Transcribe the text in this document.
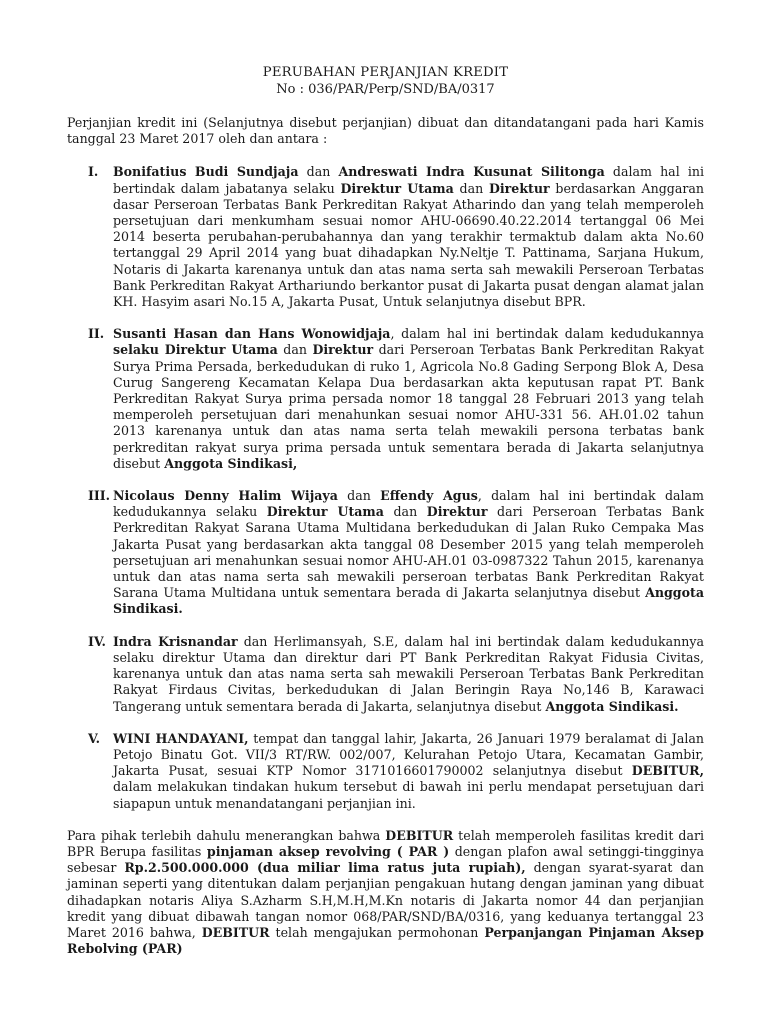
PERUBAHAN PERJANJIAN KREDIT
No : 036/PAR/Perp/SND/BA/0317

Perjanjian kredit ini (Selanjutnya disebut perjanjian) dibuat dan ditandatangani pada hari Kamis tanggal 23 Maret 2017 oleh dan antara :

I.	Bonifatius Budi Sundjaja dan Andreswati Indra Kusunat Silitonga dalam hal ini bertindak dalam jabatanya selaku Direktur Utama dan Direktur berdasarkan Anggaran dasar Perseroan Terbatas Bank Perkreditan Rakyat Atharindo dan yang telah memperoleh persetujuan dari menkumham sesuai nomor AHU-06690.40.22.2014 tertanggal 06 Mei 2014 beserta perubahan-perubahannya dan yang terakhir termaktub dalam akta No.60 tertanggal 29 April 2014 yang buat dihadapkan Ny.Neltje T. Pattinama, Sarjana Hukum, Notaris di Jakarta karenanya untuk dan atas nama serta sah mewakili Perseroan Terbatas Bank Perkreditan Rakyat Arthariundo berkantor pusat di Jakarta pusat dengan alamat jalan KH. Hasyim asari No.15 A, Jakarta Pusat, Untuk selanjutnya disebut BPR.
II. Susanti Hasan dan Hans Wonowidjaja, dalam hal ini bertindak dalam kedudukannya selaku Direktur Utama dan Direktur dari Perseroan Terbatas Bank Perkreditan Rakyat Surya Prima Persada, berkedudukan di ruko 1, Agricola No.8 Gading Serpong Blok A, Desa Curug Sangereng Kecamatan Kelapa Dua berdasarkan akta keputusan rapat PT. Bank Perkreditan Rakyat Surya prima persada nomor 18 tanggal 28 Februari 2013 yang telah memperoleh persetujuan dari menahunkan sesuai nomor AHU-331 56. AH.01.02 tahun 2013 karenanya untuk dan atas nama serta telah mewakili persona terbatas bank perkreditan rakyat surya prima persada untuk sementara berada di Jakarta selanjutnya disebut Anggota Sindikasi,
III. Nicolaus Denny Halim Wijaya dan Effendy Agus, dalam hal ini bertindak dalam kedudukannya selaku Direktur Utama dan Direktur dari Perseroan Terbatas Bank Perkreditan Rakyat Sarana Utama Multidana berkedudukan di Jalan Ruko Cempaka Mas Jakarta Pusat yang berdasarkan akta tanggal 08 Desember 2015 yang telah memperoleh persetujuan ari menahunkan sesuai nomor AHU-AH.01 03-0987322 Tahun 2015, karenanya untuk dan atas nama serta sah mewakili perseroan terbatas Bank Perkreditan Rakyat Sarana Utama Multidana untuk sementara berada di Jakarta selanjutnya disebut Anggota Sindikasi.
IV. Indra Krisnandar dan Herlimansyah, S.E, dalam hal ini bertindak dalam kedudukannya selaku direktur Utama dan direktur dari PT Bank Perkreditan Rakyat Fidusia Civitas, karenanya untuk dan atas nama serta sah mewakili Perseroan Terbatas Bank Perkreditan Rakyat Firdaus Civitas, berkedudukan di Jalan Beringin Raya No,146 B, Karawaci Tangerang untuk sementara berada di Jakarta, selanjutnya disebut Anggota Sindikasi.
V.	WINI HANDAYANI, tempat dan tanggal lahir, Jakarta, 26 Januari 1979 beralamat di Jalan Petojo Binatu Got. VII/3 RT/RW. 002/007, Kelurahan Petojo Utara, Kecamatan Gambir, Jakarta Pusat, sesuai KTP Nomor 3171016601790002 selanjutnya disebut DEBITUR, dalam melakukan tindakan hukum tersebut di bawah ini perlu mendapat persetujuan dari siapapun untuk menandatangani perjanjian ini.

Para pihak terlebih dahulu menerangkan bahwa DEBITUR telah memperoleh fasilitas kredit dari BPR Berupa fasilitas pinjaman aksep revolving ( PAR ) dengan plafon awal setinggi-tingginya sebesar Rp.2.500.000.000 (dua miliar lima ratus juta rupiah), dengan syarat-syarat dan jaminan seperti yang ditentukan dalam perjanjian pengakuan hutang dengan jaminan yang dibuat dihadapkan notaris Aliya S.Azharm S.H,M.H,M.Kn notaris di Jakarta nomor 44 dan perjanjian kredit yang dibuat dibawah tangan nomor 068/PAR/SND/BA/0316, yang keduanya tertanggal 23 Maret 2016 bahwa, DEBITUR telah mengajukan permohonan Perpanjangan Pinjaman Aksep Rebolving (PAR)
